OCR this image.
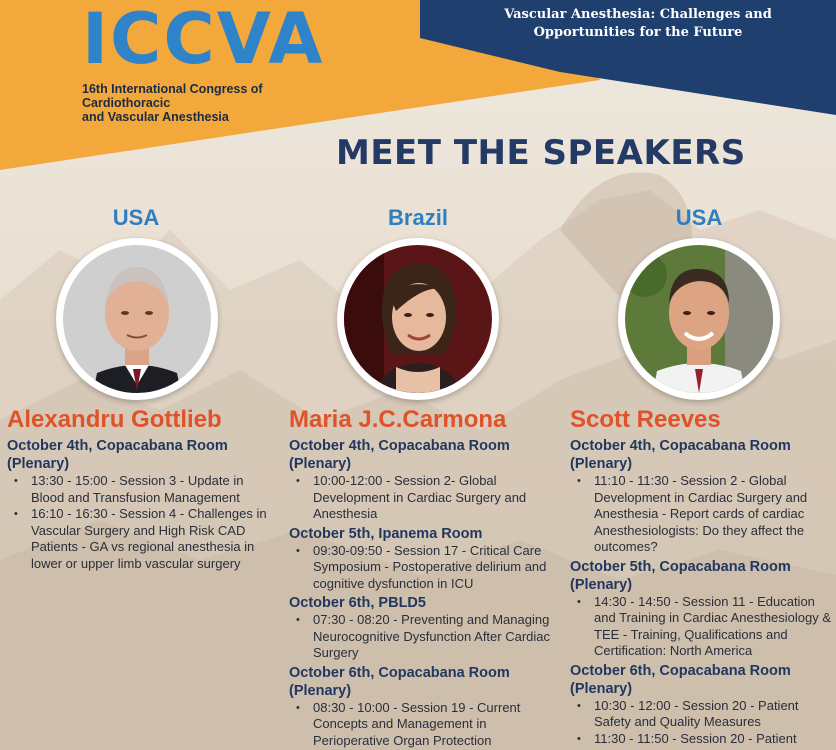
ICCVA
16th International Congress of Cardiothoracic
and Vascular Anesthesia
Vascular Anesthesia: Challenges and
Opportunities for the Future
MEET THE SPEAKERS
USA	Brazil	USA
Alexandru Gottlieb
October 4th, Copacabana Room (Plenary)
• 13:30 - 15:00 - Session 3 - Update in Blood and Transfusion Management
• 16:10 - 16:30 - Session 4 - Challenges in Vascular Surgery and High Risk CAD Patients - GA vs regional anesthesia in lower or upper limb vascular surgery
Maria J.C.Carmona
October 4th, Copacabana Room (Plenary)
• 10:00-12:00 - Session 2- Global Development in Cardiac Surgery and Anesthesia
October 5th, Ipanema Room
• 09:30-09:50 - Session 17 - Critical Care Symposium - Postoperative delirium and cognitive dysfunction in ICU
October 6th, PBLD5
• 07:30 - 08:20 - Preventing and Managing Neurocognitive Dysfunction After Cardiac Surgery
October 6th, Copacabana Room (Plenary)
• 08:30 - 10:00 - Session 19 - Current Concepts and Management in Perioperative Organ Protection
Scott Reeves
October 4th, Copacabana Room (Plenary)
• 11:10 - 11:30 - Session 2 - Global Development in Cardiac Surgery and Anesthesia - Report cards of cardiac Anesthesiologists: Do they affect the outcomes?
October 5th, Copacabana Room (Plenary)
• 14:30 - 14:50 - Session 11 - Education and Training in Cardiac Anesthesiology & TEE - Training, Qualifications and Certification: North America
October 6th, Copacabana Room (Plenary)
• 10:30 - 12:00 - Session 20 - Patient Safety and Quality Measures
• 11:30 - 11:50 - Session 20 - Patient
